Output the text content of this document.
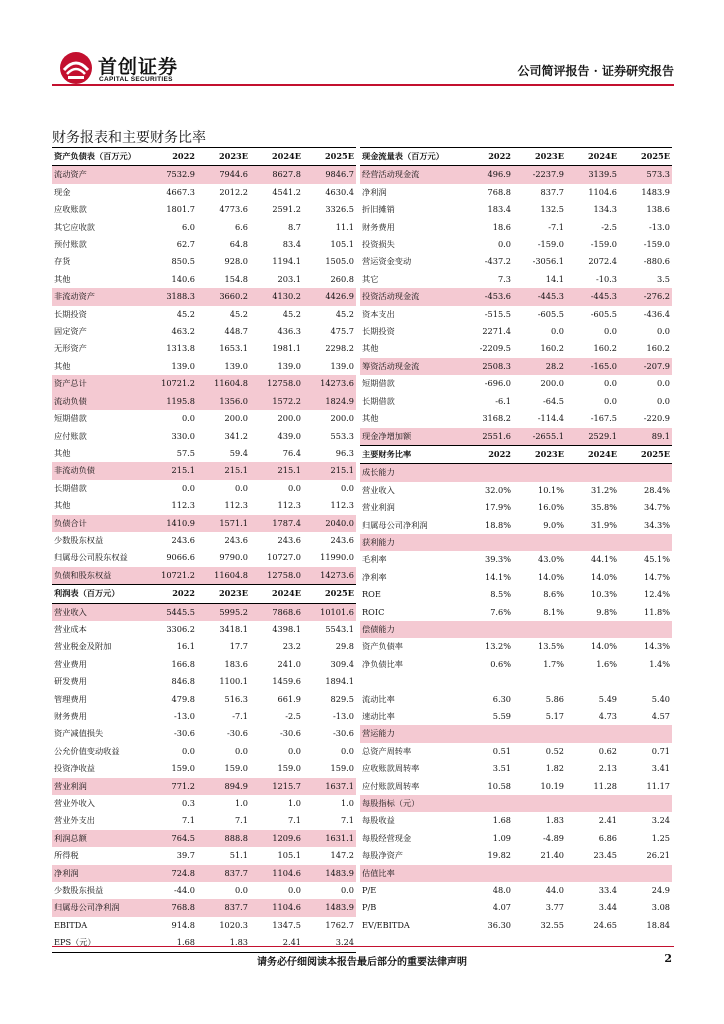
首创证券
CAPITAL SECURITIES
公司简评报告 · 证券研究报告
财务报表和主要财务比率
资产负债表（百万元）	2022	2023E	2024E	2025E
流动资产	7532.9	7944.6	8627.8	9846.7
现金	4667.3	2012.2	4541.2	4630.4
应收账款	1801.7	4773.6	2591.2	3326.5
其它应收款	6.0	6.6	8.7	11.1
预付账款	62.7	64.8	83.4	105.1
存货	850.5	928.0	1194.1	1505.0
其他	140.6	154.8	203.1	260.8
非流动资产	3188.3	3660.2	4130.2	4426.9
长期投资	45.2	45.2	45.2	45.2
固定资产	463.2	448.7	436.3	475.7
无形资产	1313.8	1653.1	1981.1	2298.2
其他	139.0	139.0	139.0	139.0
资产总计	10721.2	11604.8	12758.0	14273.6
流动负债	1195.8	1356.0	1572.2	1824.9
短期借款	0.0	200.0	200.0	200.0
应付账款	330.0	341.2	439.0	553.3
其他	57.5	59.4	76.4	96.3
非流动负债	215.1	215.1	215.1	215.1
长期借款	0.0	0.0	0.0	0.0
其他	112.3	112.3	112.3	112.3
负债合计	1410.9	1571.1	1787.4	2040.0
少数股东权益	243.6	243.6	243.6	243.6
归属母公司股东权益	9066.6	9790.0	10727.0	11990.0
负债和股东权益	10721.2	11604.8	12758.0	14273.6
利润表（百万元）	2022	2023E	2024E	2025E
营业收入	5445.5	5995.2	7868.6	10101.6
营业成本	3306.2	3418.1	4398.1	5543.1
营业税金及附加	16.1	17.7	23.2	29.8
营业费用	166.8	183.6	241.0	309.4
研发费用	846.8	1100.1	1459.6	1894.1
管理费用	479.8	516.3	661.9	829.5
财务费用	-13.0	-7.1	-2.5	-13.0
资产减值损失	-30.6	-30.6	-30.6	-30.6
公允价值变动收益	0.0	0.0	0.0	0.0
投资净收益	159.0	159.0	159.0	159.0
营业利润	771.2	894.9	1215.7	1637.1
营业外收入	0.3	1.0	1.0	1.0
营业外支出	7.1	7.1	7.1	7.1
利润总额	764.5	888.8	1209.6	1631.1
所得税	39.7	51.1	105.1	147.2
净利润	724.8	837.7	1104.6	1483.9
少数股东损益	-44.0	0.0	0.0	0.0
归属母公司净利润	768.8	837.7	1104.6	1483.9
EBITDA	914.8	1020.3	1347.5	1762.7
EPS（元）	1.68	1.83	2.41	3.24
现金流量表（百万元）	2022	2023E	2024E	2025E
经营活动现金流	496.9	-2237.9	3139.5	573.3
净利润	768.8	837.7	1104.6	1483.9
折旧摊销	183.4	132.5	134.3	138.6
财务费用	18.6	-7.1	-2.5	-13.0
投资损失	0.0	-159.0	-159.0	-159.0
营运资金变动	-437.2	-3056.1	2072.4	-880.6
其它	7.3	14.1	-10.3	3.5
投资活动现金流	-453.6	-445.3	-445.3	-276.2
资本支出	-515.5	-605.5	-605.5	-436.4
长期投资	2271.4	0.0	0.0	0.0
其他	-2209.5	160.2	160.2	160.2
筹资活动现金流	2508.3	28.2	-165.0	-207.9
短期借款	-696.0	200.0	0.0	0.0
长期借款	-6.1	-64.5	0.0	0.0
其他	3168.2	-114.4	-167.5	-220.9
现金净增加额	2551.6	-2655.1	2529.1	89.1
主要财务比率	2022	2023E	2024E	2025E
成长能力				
营业收入	32.0%	10.1%	31.2%	28.4%
营业利润	17.9%	16.0%	35.8%	34.7%
归属母公司净利润	18.8%	9.0%	31.9%	34.3%
获利能力				
毛利率	39.3%	43.0%	44.1%	45.1%
净利率	14.1%	14.0%	14.0%	14.7%
ROE	8.5%	8.6%	10.3%	12.4%
ROIC	7.6%	8.1%	9.8%	11.8%
偿债能力				
资产负债率	13.2%	13.5%	14.0%	14.3%
净负债比率	0.6%	1.7%	1.6%	1.4%

流动比率	6.30	5.86	5.49	5.40
速动比率	5.59	5.17	4.73	4.57
营运能力				
总资产周转率	0.51	0.52	0.62	0.71
应收账款周转率	3.51	1.82	2.13	3.41
应付账款周转率	10.58	10.19	11.28	11.17
每股指标（元）				
每股收益	1.68	1.83	2.41	3.24
每股经营现金	1.09	-4.89	6.86	1.25
每股净资产	19.82	21.40	23.45	26.21
估值比率				
P/E	48.0	44.0	33.4	24.9
P/B	4.07	3.77	3.44	3.08
EV/EBITDA	36.30	32.55	24.65	18.84
请务必仔细阅读本报告最后部分的重要法律声明	2
